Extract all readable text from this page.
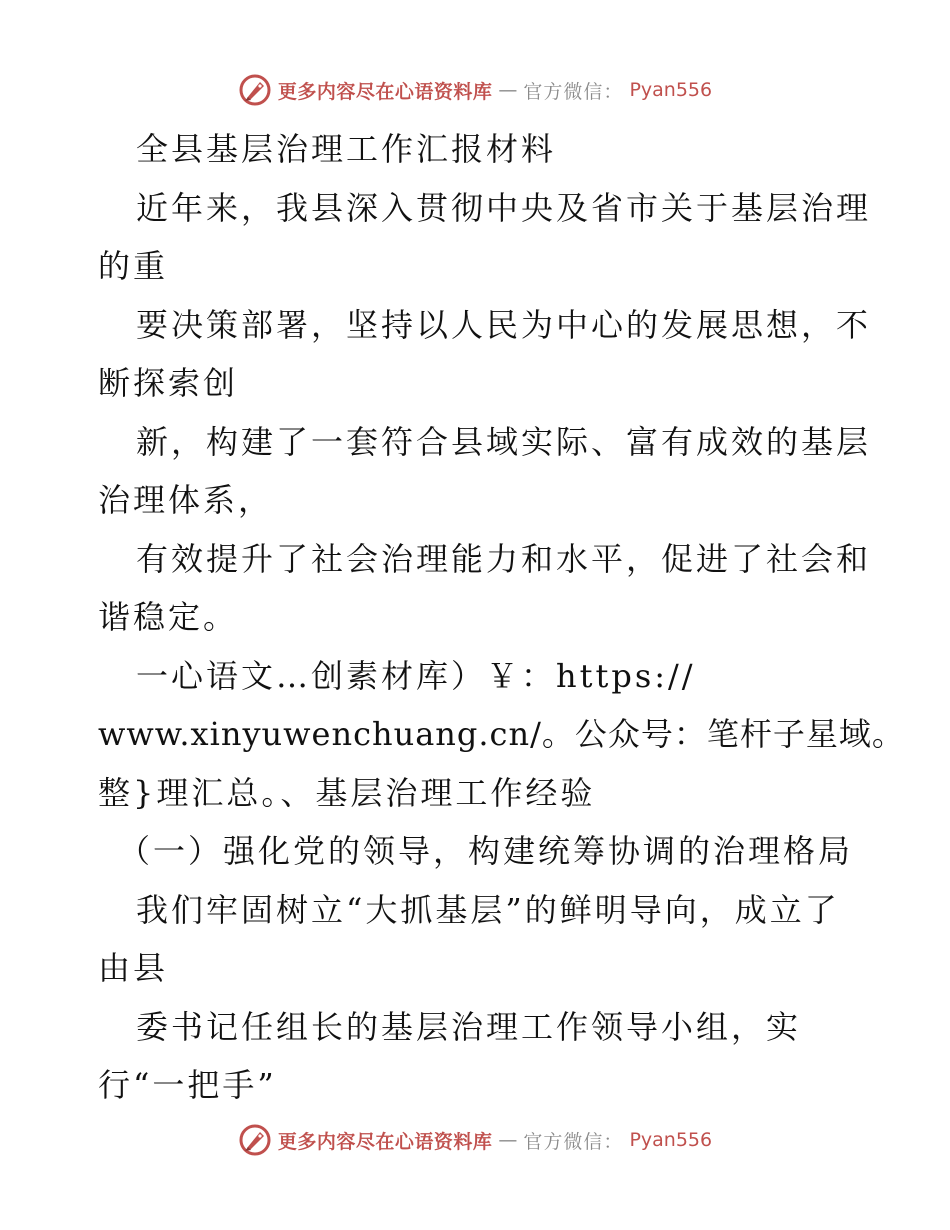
更多内容尽在心语资料库 — 官方微信： Pyan556
全县基层治理工作汇报材料
近年来，我县深入贯彻中央及省市关于基层治理
的重
要决策部署，坚持以人民为中心的发展思想，不
断探索创
新，构建了一套符合县域实际、富有成效的基层
治理体系，
有效提升了社会治理能力和水平，促进了社会和
谐稳定。
一心语文…创素材库）￥：https://
www.xinyuwenchuang.cn/。公众号：笔杆子星域。
整}理汇总。、基层治理工作经验
（一）强化党的领导，构建统筹协调的治理格局
我们牢固树立“大抓基层”的鲜明导向，成立了
由县
委书记任组长的基层治理工作领导小组，实
行“一把手”
更多内容尽在心语资料库 — 官方微信： Pyan556
